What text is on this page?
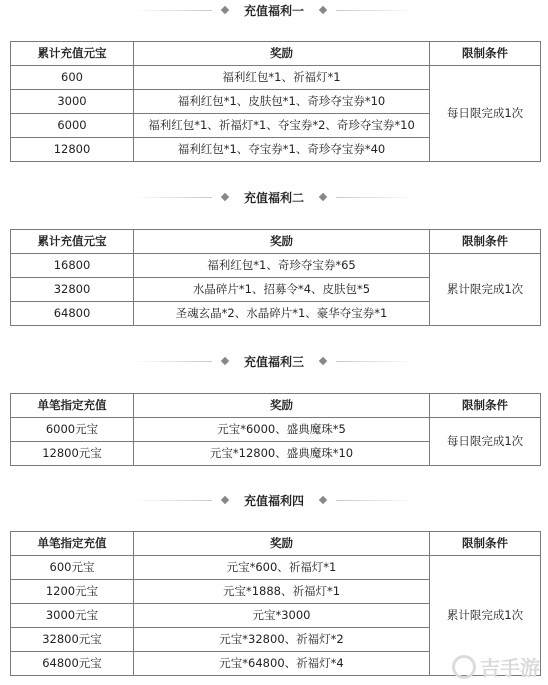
充值福利一
累计充值元宝	奖励	限制条件
600	福利红包*1、祈福灯*1	每日限完成1次
3000	福利红包*1、皮肤包*1、奇珍夺宝券*10	
6000	福利红包*1、祈福灯*1、夺宝券*2、奇珍夺宝券*10	
12800	福利红包*1、夺宝券*1、奇珍夺宝券*40	
充值福利二
累计充值元宝	奖励	限制条件
16800	福利红包*1、奇珍夺宝券*65	累计限完成1次
32800	水晶碎片*1、招募令*4、皮肤包*5	
64800	圣魂玄晶*2、水晶碎片*1、豪华夺宝券*1	
充值福利三
单笔指定充值	奖励	限制条件
6000元宝	元宝*6000、盛典魔珠*5	每日限完成1次
12800元宝	元宝*12800、盛典魔珠*10	
充值福利四
单笔指定充值	奖励	限制条件
600元宝	元宝*600、祈福灯*1	累计限完成1次
1200元宝	元宝*1888、祈福灯*1	
3000元宝	元宝*3000	
32800元宝	元宝*32800、祈福灯*2	
64800元宝	元宝*64800、祈福灯*4		吉手游
